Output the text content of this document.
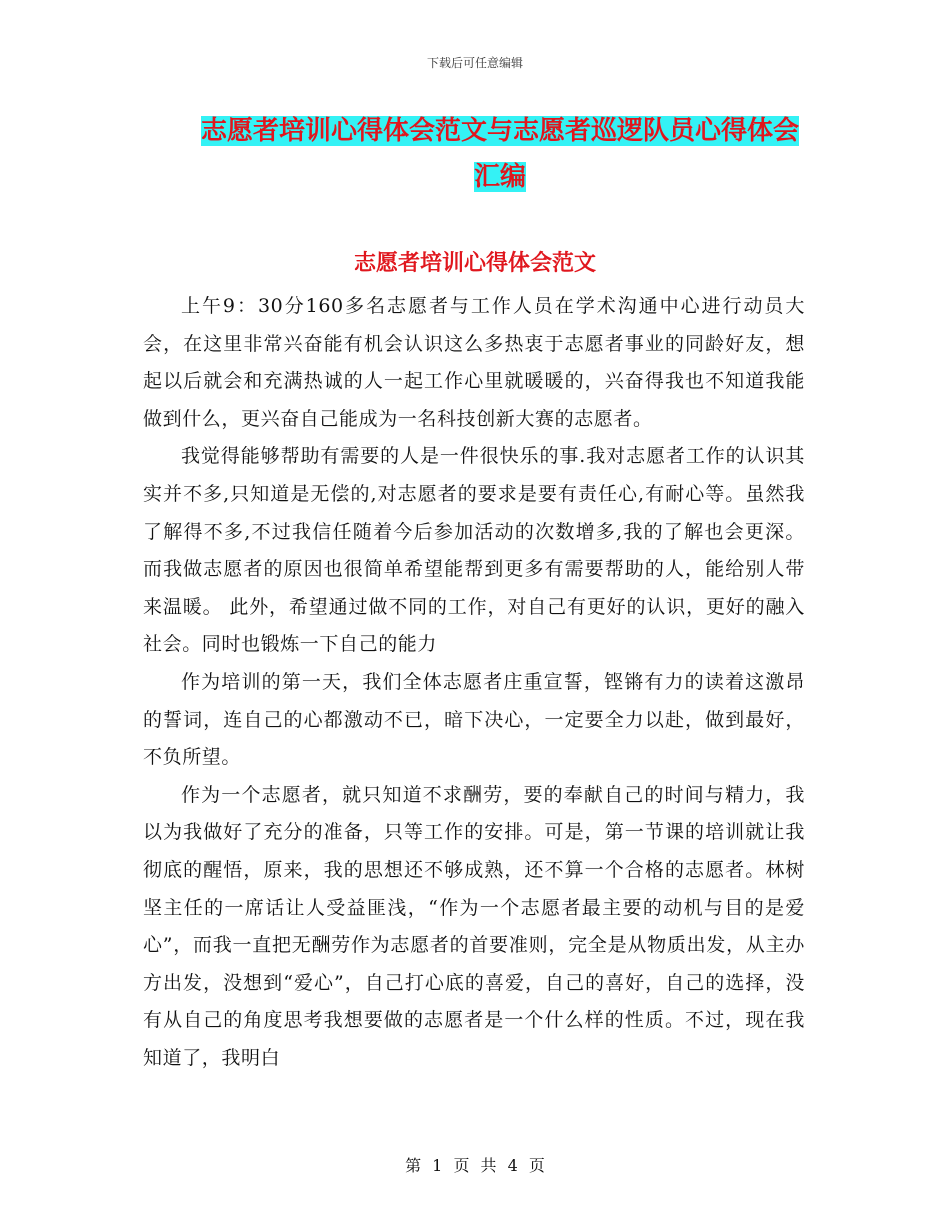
下载后可任意编辑
志愿者培训心得体会范文与志愿者巡逻队员心得体会汇编
志愿者培训心得体会范文

上午9：30分160多名志愿者与工作人员在学术沟通中心进行动员大会，在这里非常兴奋能有机会认识这么多热衷于志愿者事业的同龄好友，想起以后就会和充满热诚的人一起工作心里就暖暖的，兴奋得我也不知道我能做到什么，更兴奋自己能成为一名科技创新大赛的志愿者。

我觉得能够帮助有需要的人是一件很快乐的事.我对志愿者工作的认识其实并不多,只知道是无偿的,对志愿者的要求是要有责任心,有耐心等。虽然我了解得不多,不过我信任随着今后参加活动的次数增多,我的了解也会更深。 而我做志愿者的原因也很简单希望能帮到更多有需要帮助的人，能给别人带来温暖。 此外，希望通过做不同的工作，对自己有更好的认识，更好的融入社会。同时也锻炼一下自己的能力

作为培训的第一天，我们全体志愿者庄重宣誓，铿锵有力的读着这激昂的誓词，连自己的心都激动不已，暗下决心，一定要全力以赴，做到最好，不负所望。

作为一个志愿者，就只知道不求酬劳，要的奉献自己的时间与精力，我以为我做好了充分的准备，只等工作的安排。可是，第一节课的培训就让我彻底的醒悟，原来，我的思想还不够成熟，还不算一个合格的志愿者。林树坚主任的一席话让人受益匪浅，“作为一个志愿者最主要的动机与目的是爱心”，而我一直把无酬劳作为志愿者的首要准则，完全是从物质出发，从主办方出发，没想到“爱心”，自己打心底的喜爱，自己的喜好，自己的选择，没有从自己的角度思考我想要做的志愿者是一个什么样的性质。不过，现在我知道了，我明白

第 1 页 共 4 页
